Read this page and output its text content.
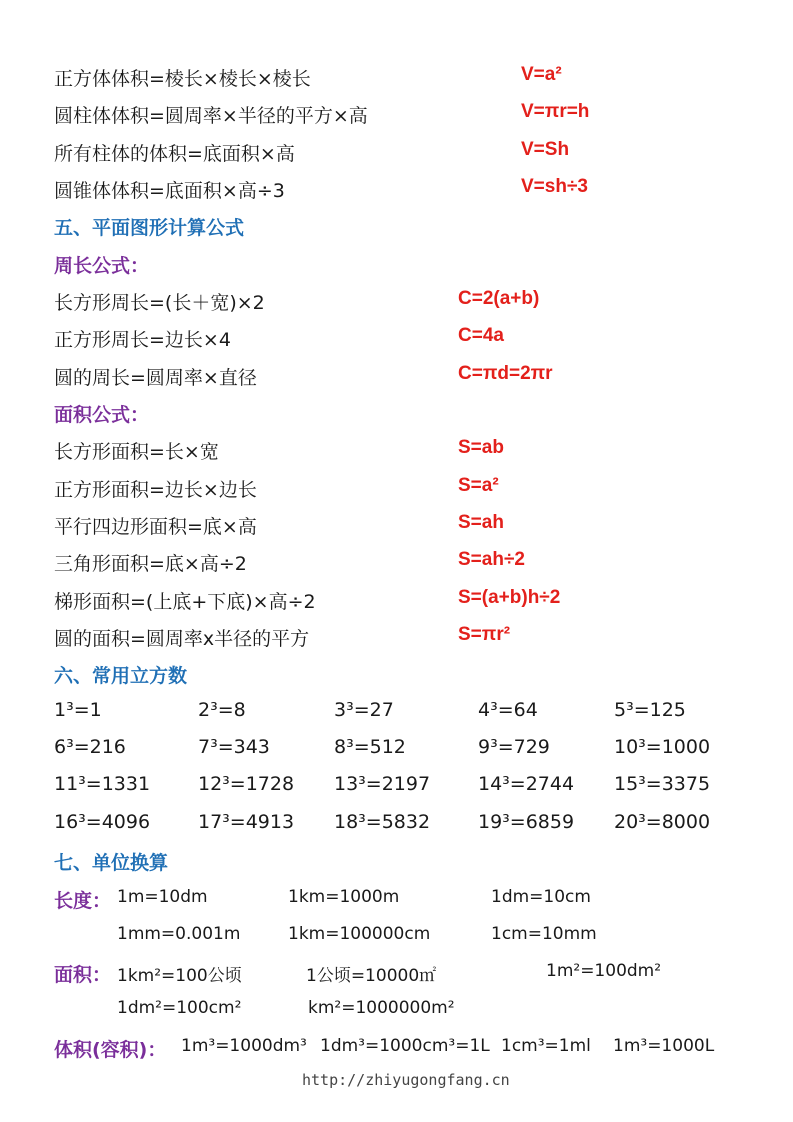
正方体体积=棱长×棱长×棱长	V=a²
圆柱体体积=圆周率×半径的平方×高	V=πr=h
所有柱体的体积=底面积×高	V=Sh
圆锥体体积=底面积×高÷3	V=sh÷3
五、平面图形计算公式
周长公式：
长方形周长=(长＋宽)×2	C=2(a+b)
正方形周长=边长×4	C=4a
圆的周长=圆周率×直径	C=πd=2πr
面积公式：
长方形面积=长×宽	S=ab
正方形面积=边长×边长	S=a²
平行四边形面积=底×高	S=ah
三角形面积=底×高÷2	S=ah÷2
梯形面积=(上底+下底)×高÷2	S=(a+b)h÷2
圆的面积=圆周率x半径的平方	S=πr²
六、常用立方数
1³=1	2³=8	3³=27	4³=64	5³=125
6³=216	7³=343	8³=512	9³=729	10³=1000
11³=1331	12³=1728 13³=2197	14³=2744 15³=3375
16³=4096	17³=4913 18³=5832	19³=6859 20³=8000
七、单位换算
长度： 1m=10dm	1km=1000m	1dm=10cm
1mm=0.001m	1km=100000cm	1cm=10mm
面积： 1km²=100公顷	1公顷=10000㎡	1m²=100dm²
1dm²=100cm²	km²=1000000m²
体积(容积)： 1m³=1000dm³ 1dm³=1000cm³=1L 1cm³=1ml 1m³=1000L
http://zhiyugongfang.cn
